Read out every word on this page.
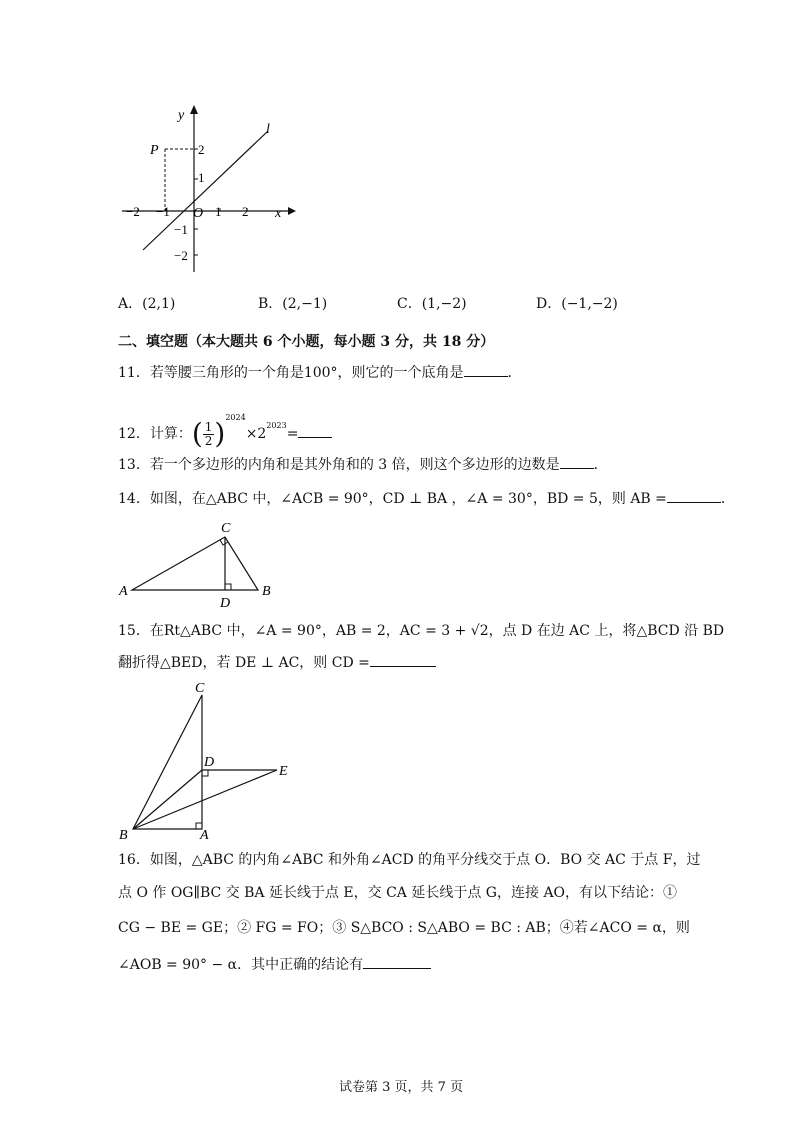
y
x
l
P
O
−2 −1	1 2
2
1
−1
−2
A．(2,1)	B．(2,−1)	C．(1,−2)	D．(−1,−2)
二、填空题（本大题共 6 个小题，每小题 3 分，共 18 分）
11．若等腰三角形的一个角是100°，则它的一个底角是	．
12．计算：( $\frac{1}{2} )^{2024}\times 2^{2023}=$
13．若一个多边形的内角和是其外角和的 3 倍，则这个多边形的边数是 ．
14．如图，在△ABC 中，∠ACB = 90°，CD ⊥ BA ，∠A = 30°，BD = 5，则 AB =	．
A	B
C
D
15．在Rt△ABC 中，∠A = 90°，AB = 2，AC = 3 + √2，点 D 在边 AC 上，将△BCD 沿 BD
翻折得△BED，若 DE ⊥ AC，则 CD =
C
D
E
B	A
16．如图，△ABC 的内角∠ABC 和外角∠ACD 的角平分线交于点 O．BO 交 AC 于点 F，过
点 O 作 OG∥BC 交 BA 延长线于点 E，交 CA 延长线于点 G，连接 AO，有以下结论：①
CG − BE = GE；② FG = FO；③ S△BCO : S△ABO = BC : AB；④若∠ACO = α，则
∠AOB = 90° − α．其中正确的结论有
试卷第 3 页，共 7 页
